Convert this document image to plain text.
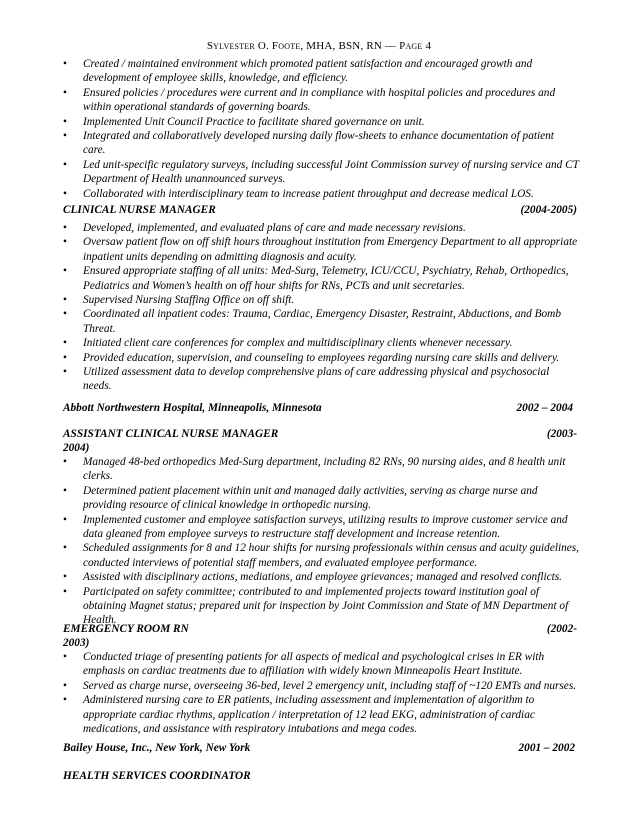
Sylvester O. Foote, MHA, BSN, RN — Page 4
• Created / maintained environment which promoted patient satisfaction and encouraged growth and development of employee skills, knowledge, and efficiency.
• Ensured policies / procedures were current and in compliance with hospital policies and procedures and within operational standards of governing boards.
• Implemented Unit Council Practice to facilitate shared governance on unit.
• Integrated and collaboratively developed nursing daily flow-sheets to enhance documentation of patient care.
• Led unit-specific regulatory surveys, including successful Joint Commission survey of nursing service and CT Department of Health unannounced surveys.
• Collaborated with interdisciplinary team to increase patient throughput and decrease medical LOS.
CLINICAL NURSE MANAGER	(2004-2005)
• Developed, implemented, and evaluated plans of care and made necessary revisions.
• Oversaw patient flow on off shift hours throughout institution from Emergency Department to all appropriate inpatient units depending on admitting diagnosis and acuity.
• Ensured appropriate staffing of all units: Med-Surg, Telemetry, ICU/CCU, Psychiatry, Rehab, Orthopedics, Pediatrics and Women’s health on off hour shifts for RNs, PCTs and unit secretaries.
• Supervised Nursing Staffing Office on off shift.
• Coordinated all inpatient codes: Trauma, Cardiac, Emergency Disaster, Restraint, Abductions, and Bomb Threat.
• Initiated client care conferences for complex and multidisciplinary clients whenever necessary.
• Provided education, supervision, and counseling to employees regarding nursing care skills and delivery.
• Utilized assessment data to develop comprehensive plans of care addressing physical and psychosocial needs.
Abbott Northwestern Hospital, Minneapolis, Minnesota	2002 – 2004
ASSISTANT CLINICAL NURSE MANAGER	(2003-
2004)
• Managed 48-bed orthopedics Med-Surg department, including 82 RNs, 90 nursing aides, and 8 health unit clerks.
• Determined patient placement within unit and managed daily activities, serving as charge nurse and providing resource of clinical knowledge in orthopedic nursing.
• Implemented customer and employee satisfaction surveys, utilizing results to improve customer service and data gleaned from employee surveys to restructure staff development and increase retention.
• Scheduled assignments for 8 and 12 hour shifts for nursing professionals within census and acuity guidelines, conducted interviews of potential staff members, and evaluated employee performance.
• Assisted with disciplinary actions, mediations, and employee grievances; managed and resolved conflicts.
• Participated on safety committee; contributed to and implemented projects toward institution goal of obtaining Magnet status; prepared unit for inspection by Joint Commission and State of MN Department of Health.
EMERGENCY ROOM RN	(2002-
2003)
• Conducted triage of presenting patients for all aspects of medical and psychological crises in ER with emphasis on cardiac treatments due to affiliation with widely known Minneapolis Heart Institute.
• Served as charge nurse, overseeing 36-bed, level 2 emergency unit, including staff of ~120 EMTs and nurses.
• Administered nursing care to ER patients, including assessment and implementation of algorithm to appropriate cardiac rhythms, application / interpretation of 12 lead EKG, administration of cardiac medications, and assistance with respiratory intubations and mega codes.
Bailey House, Inc., New York, New York	2001 – 2002
HEALTH SERVICES COORDINATOR
